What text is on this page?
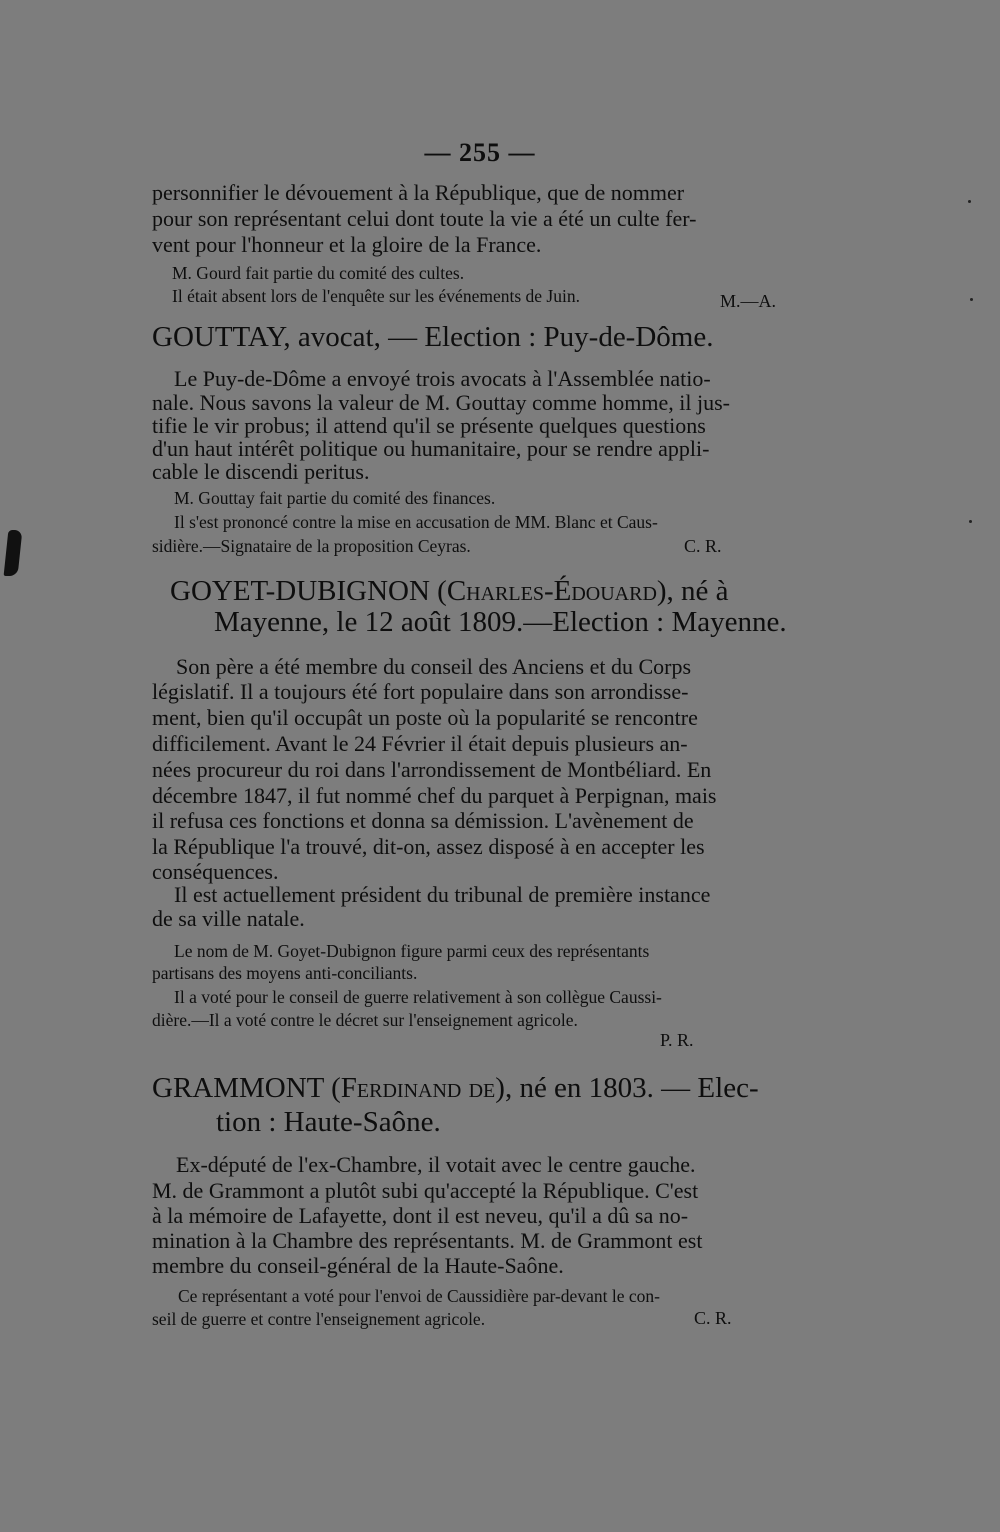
— 255 —
personnifier le dévouement à la République, que de nommer
pour son représentant celui dont toute la vie a été un culte fer-
vent pour l'honneur et la gloire de la France.
M. Gourd fait partie du comité des cultes.
Il était absent lors de l'enquête sur les événements de Juin.	M.—A.
GOUTTAY, avocat, — Election : Puy-de-Dôme.
Le Puy-de-Dôme a envoyé trois avocats à l'Assemblée natio-
nale. Nous savons la valeur de M. Gouttay comme homme, il jus-
tifie le vir probus; il attend qu'il se présente quelques questions
d'un haut intérêt politique ou humanitaire, pour se rendre appli-
cable le discendi peritus.
M. Gouttay fait partie du comité des finances.
Il s'est prononcé contre la mise en accusation de MM. Blanc et Caus-
sidière.—Signataire de la proposition Ceyras.	C. R.
GOYET-DUBIGNON (Charles-Édouard), né à
Mayenne, le 12 août 1809.—Election : Mayenne.
Son père a été membre du conseil des Anciens et du Corps
législatif. Il a toujours été fort populaire dans son arrondisse-
ment, bien qu'il occupât un poste où la popularité se rencontre
difficilement. Avant le 24 Février il était depuis plusieurs an-
nées procureur du roi dans l'arrondissement de Montbéliard. En
décembre 1847, il fut nommé chef du parquet à Perpignan, mais
il refusa ces fonctions et donna sa démission. L'avènement de
la République l'a trouvé, dit-on, assez disposé à en accepter les
conséquences.
Il est actuellement président du tribunal de première instance
de sa ville natale.
Le nom de M. Goyet-Dubignon figure parmi ceux des représentants
partisans des moyens anti-conciliants.
Il a voté pour le conseil de guerre relativement à son collègue Caussi-
dière.—Il a voté contre le décret sur l'enseignement agricole.
P. R.
GRAMMONT (Ferdinand de), né en 1803. — Elec-
tion : Haute-Saône.
Ex-député de l'ex-Chambre, il votait avec le centre gauche.
M. de Grammont a plutôt subi qu'accepté la République. C'est
à la mémoire de Lafayette, dont il est neveu, qu'il a dû sa no-
mination à la Chambre des représentants. M. de Grammont est
membre du conseil-général de la Haute-Saône.
Ce représentant a voté pour l'envoi de Caussidière par-devant le con-
seil de guerre et contre l'enseignement agricole.	C. R.
